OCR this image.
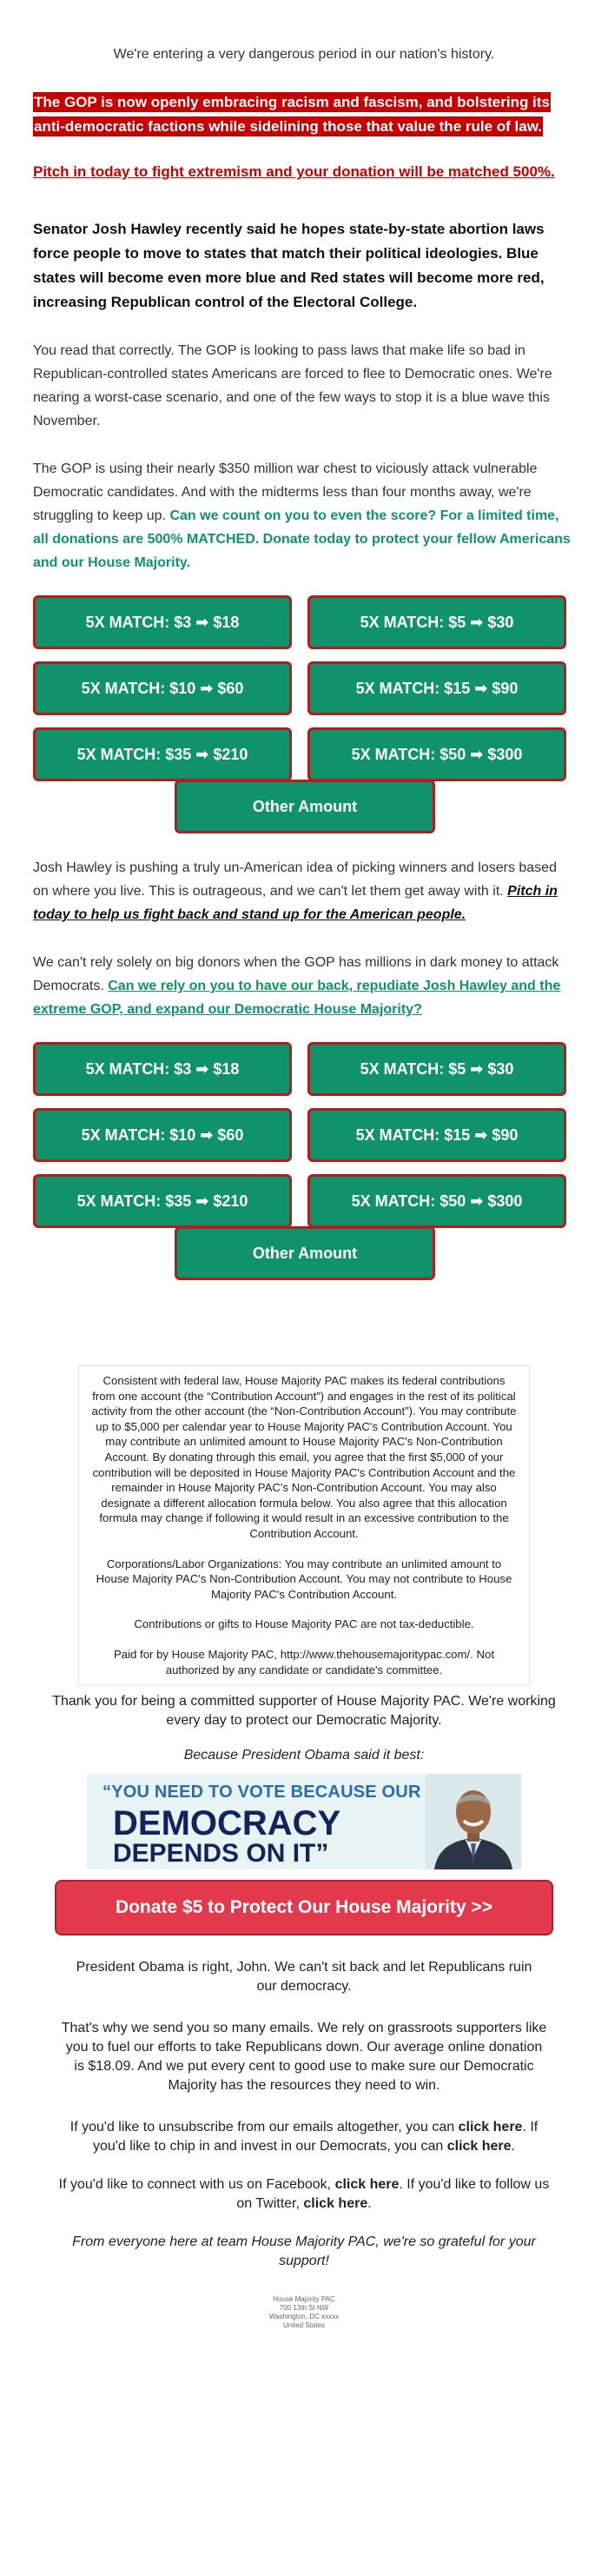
We're entering a very dangerous period in our nation's history.

The GOP is now openly embracing racism and fascism, and bolstering its anti-democratic factions while sidelining those that value the rule of law.

Pitch in today to fight extremism and your donation will be matched 500%.

Senator Josh Hawley recently said he hopes state-by-state abortion laws force people to move to states that match their political ideologies. Blue states will become even more blue and Red states will become more red, increasing Republican control of the Electoral College.

You read that correctly. The GOP is looking to pass laws that make life so bad in Republican-controlled states Americans are forced to flee to Democratic ones. We're nearing a worst-case scenario, and one of the few ways to stop it is a blue wave this November.

The GOP is using their nearly $350 million war chest to viciously attack vulnerable Democratic candidates. And with the midterms less than four months away, we're struggling to keep up. Can we count on you to even the score? For a limited time, all donations are 500% MATCHED. Donate today to protect your fellow Americans and our House Majority.

5X MATCH: $3 ➡ $18	5X MATCH: $5 ➡ $30
5X MATCH: $10 ➡ $60	5X MATCH: $15 ➡ $90
5X MATCH: $35 ➡ $210	5X MATCH: $50 ➡ $300
Other Amount

Josh Hawley is pushing a truly un-American idea of picking winners and losers based on where you live. This is outrageous, and we can't let them get away with it. Pitch in today to help us fight back and stand up for the American people.

We can't rely solely on big donors when the GOP has millions in dark money to attack Democrats. Can we rely on you to have our back, repudiate Josh Hawley and the extreme GOP, and expand our Democratic House Majority?

5X MATCH: $3 ➡ $18	5X MATCH: $5 ➡ $30
5X MATCH: $10 ➡ $60	5X MATCH: $15 ➡ $90
5X MATCH: $35 ➡ $210	5X MATCH: $50 ➡ $300
Other Amount

Consistent with federal law, House Majority PAC makes its federal contributions from one account (the “Contribution Account”) and engages in the rest of its political activity from the other account (the “Non-Contribution Account”). You may contribute up to $5,000 per calendar year to House Majority PAC's Contribution Account. You may contribute an unlimited amount to House Majority PAC's Non-Contribution Account. By donating through this email, you agree that the first $5,000 of your contribution will be deposited in House Majority PAC's Contribution Account and the remainder in House Majority PAC's Non-Contribution Account. You may also designate a different allocation formula below. You also agree that this allocation formula may change if following it would result in an excessive contribution to the Contribution Account.

Corporations/Labor Organizations: You may contribute an unlimited amount to House Majority PAC's Non-Contribution Account. You may not contribute to House Majority PAC's Contribution Account.

Contributions or gifts to House Majority PAC are not tax-deductible.

Paid for by House Majority PAC, http://www.thehousemajoritypac.com/. Not authorized by any candidate or candidate's committee.

Thank you for being a committed supporter of House Majority PAC. We're working every day to protect our Democratic Majority.

Because President Obama said it best:

“YOU NEED TO VOTE BECAUSE OUR
DEMOCRACY
DEPENDS ON IT”
Donate $5 to Protect Our House Majority >>

President Obama is right, John. We can't sit back and let Republicans ruin our democracy.

That's why we send you so many emails. We rely on grassroots supporters like you to fuel our efforts to take Republicans down. Our average online donation is $18.09. And we put every cent to good use to make sure our Democratic Majority has the resources they need to win.

If you'd like to unsubscribe from our emails altogether, you can click here. If you'd like to chip in and invest in our Democrats, you can click here.

If you'd like to connect with us on Facebook, click here. If you'd like to follow us on Twitter, click here.

From everyone here at team House Majority PAC, we're so grateful for your support!

House Majority PAC
700 13th St NW
Washington, DC xxxxx
United States
